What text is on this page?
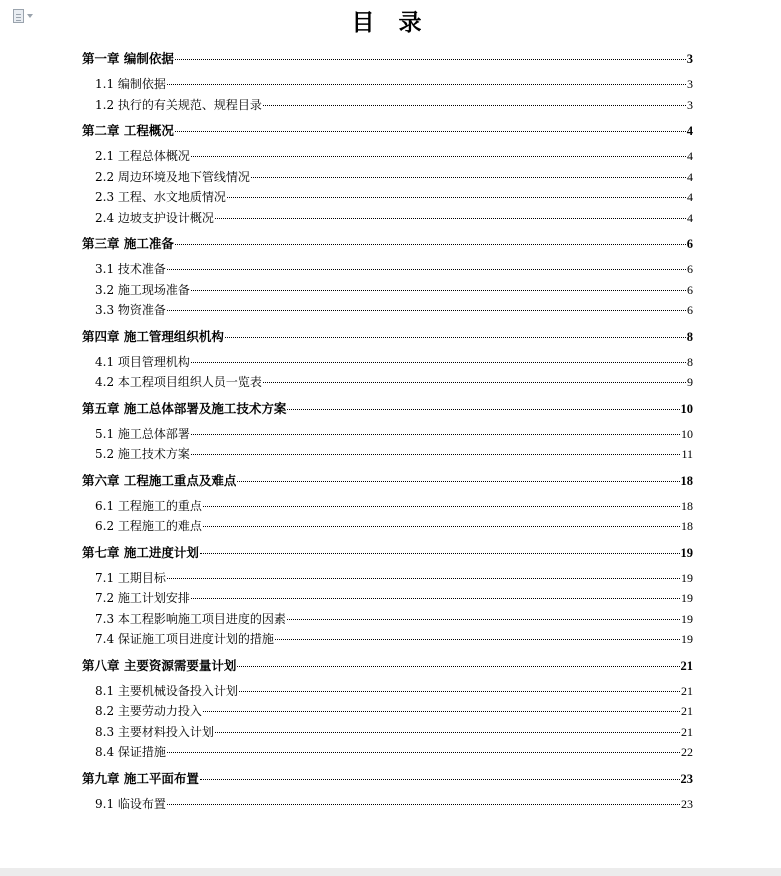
目 录
第一章 编制依据	3
1.1 编制依据	3
1.2 执行的有关规范、规程目录	3
第二章 工程概况	4
2.1 工程总体概况	4
2.2 周边环境及地下管线情况	4
2.3 工程、水文地质情况	4
2.4 边坡支护设计概况	4
第三章 施工准备	6
3.1 技术准备	6
3.2 施工现场准备	6
3.3 物资准备	6
第四章 施工管理组织机构	8
4.1 项目管理机构	8
4.2 本工程项目组织人员一览表	9
第五章 施工总体部署及施工技术方案	10
5.1 施工总体部署	10
5.2 施工技术方案	11
第六章 工程施工重点及难点	18
6.1 工程施工的重点	18
6.2 工程施工的难点	18
第七章 施工进度计划	19
7.1 工期目标	19
7.2 施工计划安排	19
7.3 本工程影响施工项目进度的因素	19
7.4 保证施工项目进度计划的措施	19
第八章 主要资源需要量计划	21
8.1 主要机械设备投入计划	21
8.2 主要劳动力投入	21
8.3 主要材料投入计划	21
8.4 保证措施	22
第九章 施工平面布置	23
9.1 临设布置	23
